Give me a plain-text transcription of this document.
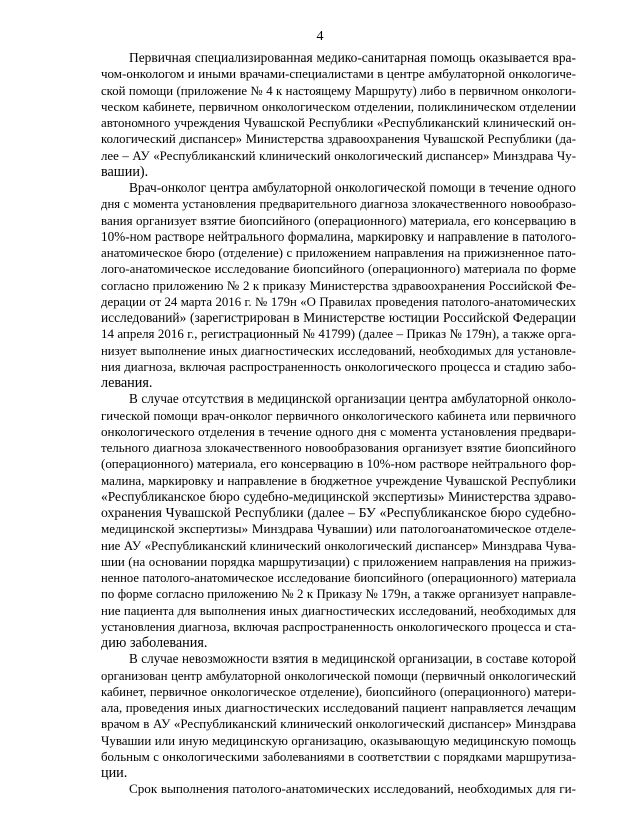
4

Первичная специализированная медико-санитарная помощь оказывается вра-
чом-онкологом и иными врачами-специалистами в центре амбулаторной онкологиче-
ской помощи (приложение № 4 к настоящему Маршруту) либо в первичном онкологи-
ческом кабинете, первичном онкологическом отделении, поликлиническом отделении
автономного учреждения Чувашской Республики «Республиканский клинический он-
кологический диспансер» Министерства здравоохранения Чувашской Республики (да-
лее – АУ «Республиканский клинический онкологический диспансер» Минздрава Чу-
вашии).

Врач-онколог центра амбулаторной онкологической помощи в течение одного
дня с момента установления предварительного диагноза злокачественного новообразо-
вания организует взятие биопсийного (операционного) материала, его консервацию в
10%-ном растворе нейтрального формалина, маркировку и направление в патолого-
анатомическое бюро (отделение) с приложением направления на прижизненное пато-
лого-анатомическое исследование биопсийного (операционного) материала по форме
согласно приложению № 2 к приказу Министерства здравоохранения Российской Фе-
дерации от 24 марта 2016 г. № 179н «О Правилах проведения патолого-анатомических
исследований» (зарегистрирован в Министерстве юстиции Российской Федерации
14 апреля 2016 г., регистрационный № 41799) (далее – Приказ № 179н), а также орга-
низует выполнение иных диагностических исследований, необходимых для установле-
ния диагноза, включая распространенность онкологического процесса и стадию забо-
левания.

В случае отсутствия в медицинской организации центра амбулаторной онколо-
гической помощи врач-онколог первичного онкологического кабинета или первичного
онкологического отделения в течение одного дня с момента установления предвари-
тельного диагноза злокачественного новообразования организует взятие биопсийного
(операционного) материала, его консервацию в 10%-ном растворе нейтрального фор-
малина, маркировку и направление в бюджетное учреждение Чувашской Республики
«Республиканское бюро судебно-медицинской экспертизы» Министерства здраво-
охранения Чувашской Республики (далее – БУ «Республиканское бюро судебно-
медицинской экспертизы» Минздрава Чувашии) или патологоанатомическое отделе-
ние АУ «Республиканский клинический онкологический диспансер» Минздрава Чува-
шии (на основании порядка маршрутизации) с приложением направления на прижиз-
ненное патолого-анатомическое исследование биопсийного (операционного) материала
по форме согласно приложению № 2 к Приказу № 179н, а также организует направле-
ние пациента для выполнения иных диагностических исследований, необходимых для
установления диагноза, включая распространенность онкологического процесса и ста-
дию заболевания.

В случае невозможности взятия в медицинской организации, в составе которой
организован центр амбулаторной онкологической помощи (первичный онкологический
кабинет, первичное онкологическое отделение), биопсийного (операционного) матери-
ала, проведения иных диагностических исследований пациент направляется лечащим
врачом в АУ «Республиканский клинический онкологический диспансер» Минздрава
Чувашии или иную медицинскую организацию, оказывающую медицинскую помощь
больным с онкологическими заболеваниями в соответствии с порядками маршрутиза-
ции.

Срок выполнения патолого-анатомических исследований, необходимых для ги-
